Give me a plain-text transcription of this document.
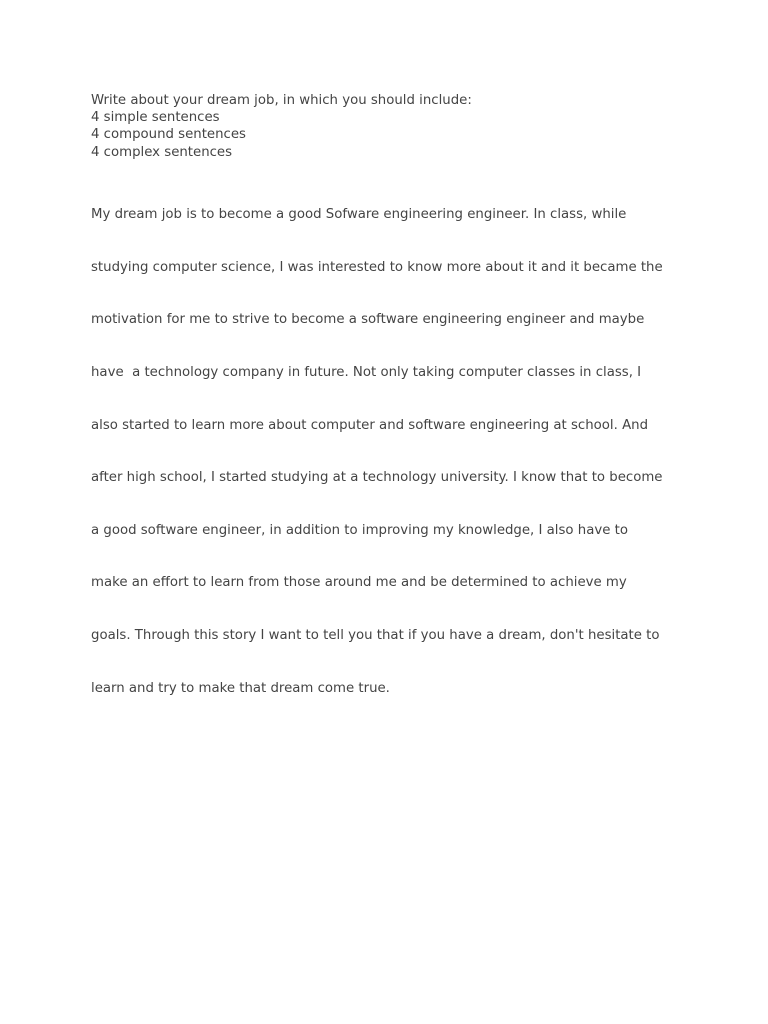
Write about your dream job, in which you should include:
4 simple sentences
4 compound sentences
4 complex sentences

My dream job is to become a good Sofware engineering engineer. In class, while

studying computer science, I was interested to know more about it and it became the

motivation for me to strive to become a software engineering engineer and maybe

have  a technology company in future. Not only taking computer classes in class, I

also started to learn more about computer and software engineering at school. And

after high school, I started studying at a technology university. I know that to become

a good software engineer, in addition to improving my knowledge, I also have to

make an effort to learn from those around me and be determined to achieve my

goals. Through this story I want to tell you that if you have a dream, don't hesitate to

learn and try to make that dream come true.
